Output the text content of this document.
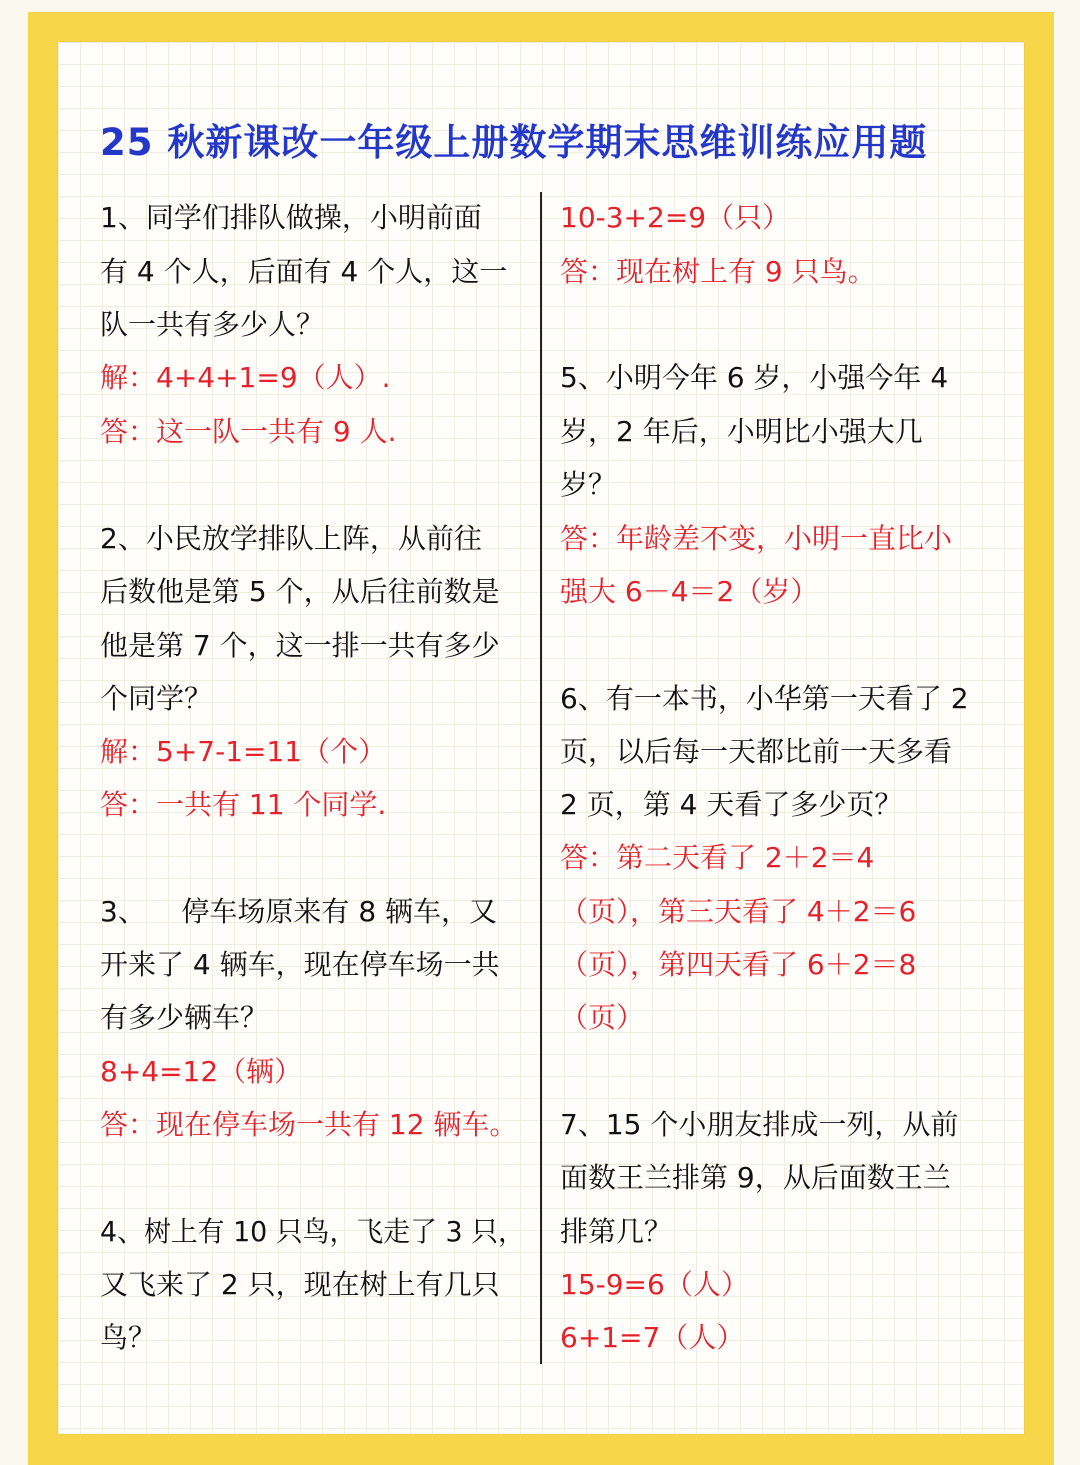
25 秋新课改一年级上册数学期末思维训练应用题
1、同学们排队做操，小明前面
有 4 个人，后面有 4 个人，这一
队一共有多少人？
解：4+4+1=9（人）.
答：这一队一共有 9 人.
2、小民放学排队上阵，从前往
后数他是第 5 个，从后往前数是
他是第 7 个，这一排一共有多少
个同学？
解：5+7-1=11（个）
答：一共有 11 个同学.
3、    停车场原来有 8 辆车，又
开来了 4 辆车，现在停车场一共
有多少辆车？
8+4=12（辆）
答：现在停车场一共有 12 辆车。
4、树上有 10 只鸟，飞走了 3 只，
又飞来了 2 只，现在树上有几只
鸟？
10-3+2=9（只）
答：现在树上有 9 只鸟。
5、小明今年 6 岁，小强今年 4
岁，2 年后，小明比小强大几
岁？
答：年龄差不变，小明一直比小
强大 6－4＝2（岁）
6、有一本书，小华第一天看了 2
页，以后每一天都比前一天多看
2 页，第 4 天看了多少页？
答：第二天看了 2＋2＝4
（页），第三天看了 4＋2＝6
（页），第四天看了 6＋2＝8
（页）
7、15 个小朋友排成一列，从前
面数王兰排第 9，从后面数王兰
排第几？
15-9=6（人）
6+1=7（人）
